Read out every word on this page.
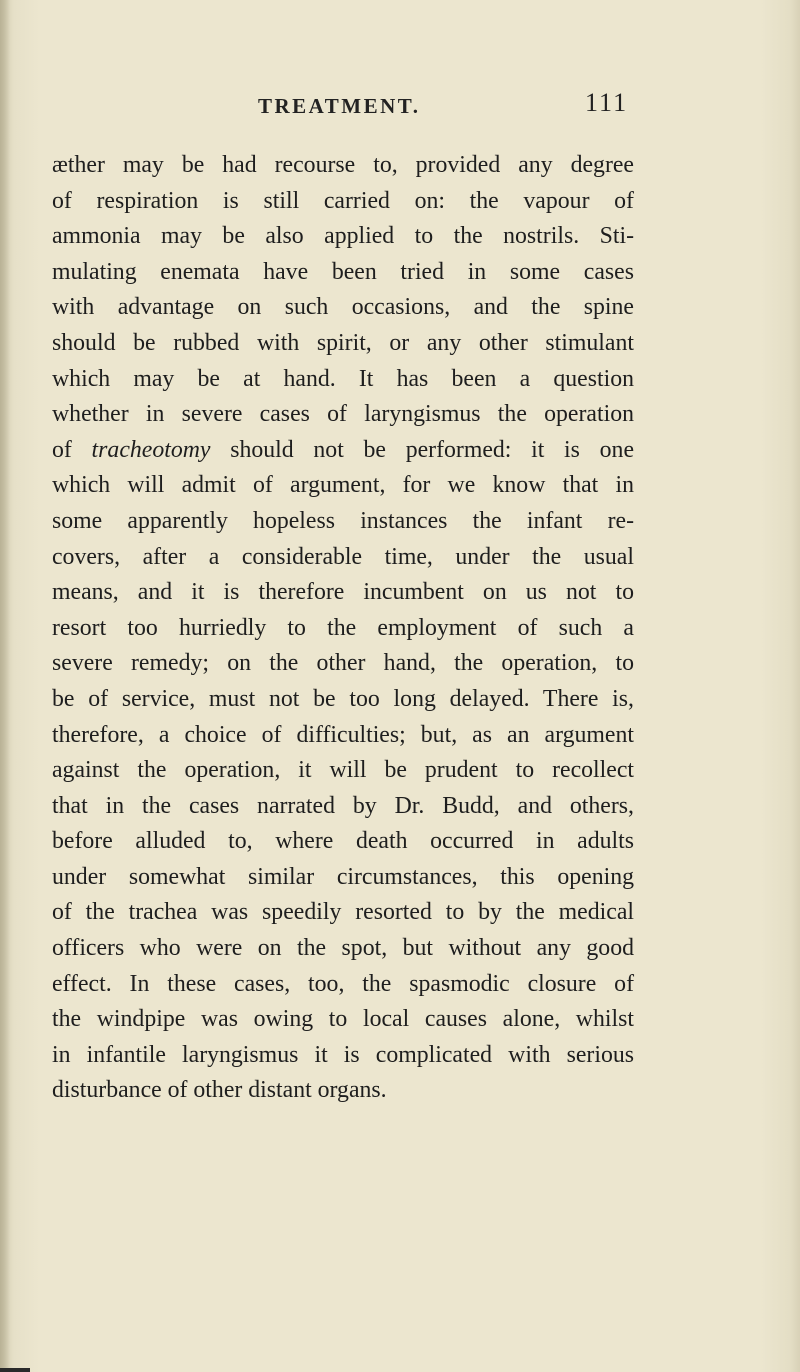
TREATMENT.	111
æther may be had recourse to, provided any degree
of respiration is still carried on: the vapour of
ammonia may be also applied to the nostrils. Sti-
mulating enemata have been tried in some cases
with advantage on such occasions, and the spine
should be rubbed with spirit, or any other stimulant
which may be at hand. It has been a question
whether in severe cases of laryngismus the operation
of tracheotomy should not be performed: it is one
which will admit of argument, for we know that in
some apparently hopeless instances the infant re-
covers, after a considerable time, under the usual
means, and it is therefore incumbent on us not to
resort too hurriedly to the employment of such a
severe remedy; on the other hand, the operation, to
be of service, must not be too long delayed. There is,
therefore, a choice of difficulties; but, as an argument
against the operation, it will be prudent to recollect
that in the cases narrated by Dr. Budd, and others,
before alluded to, where death occurred in adults
under somewhat similar circumstances, this opening
of the trachea was speedily resorted to by the medical
officers who were on the spot, but without any good
effect. In these cases, too, the spasmodic closure of
the windpipe was owing to local causes alone, whilst
in infantile laryngismus it is complicated with serious
disturbance of other distant organs.
